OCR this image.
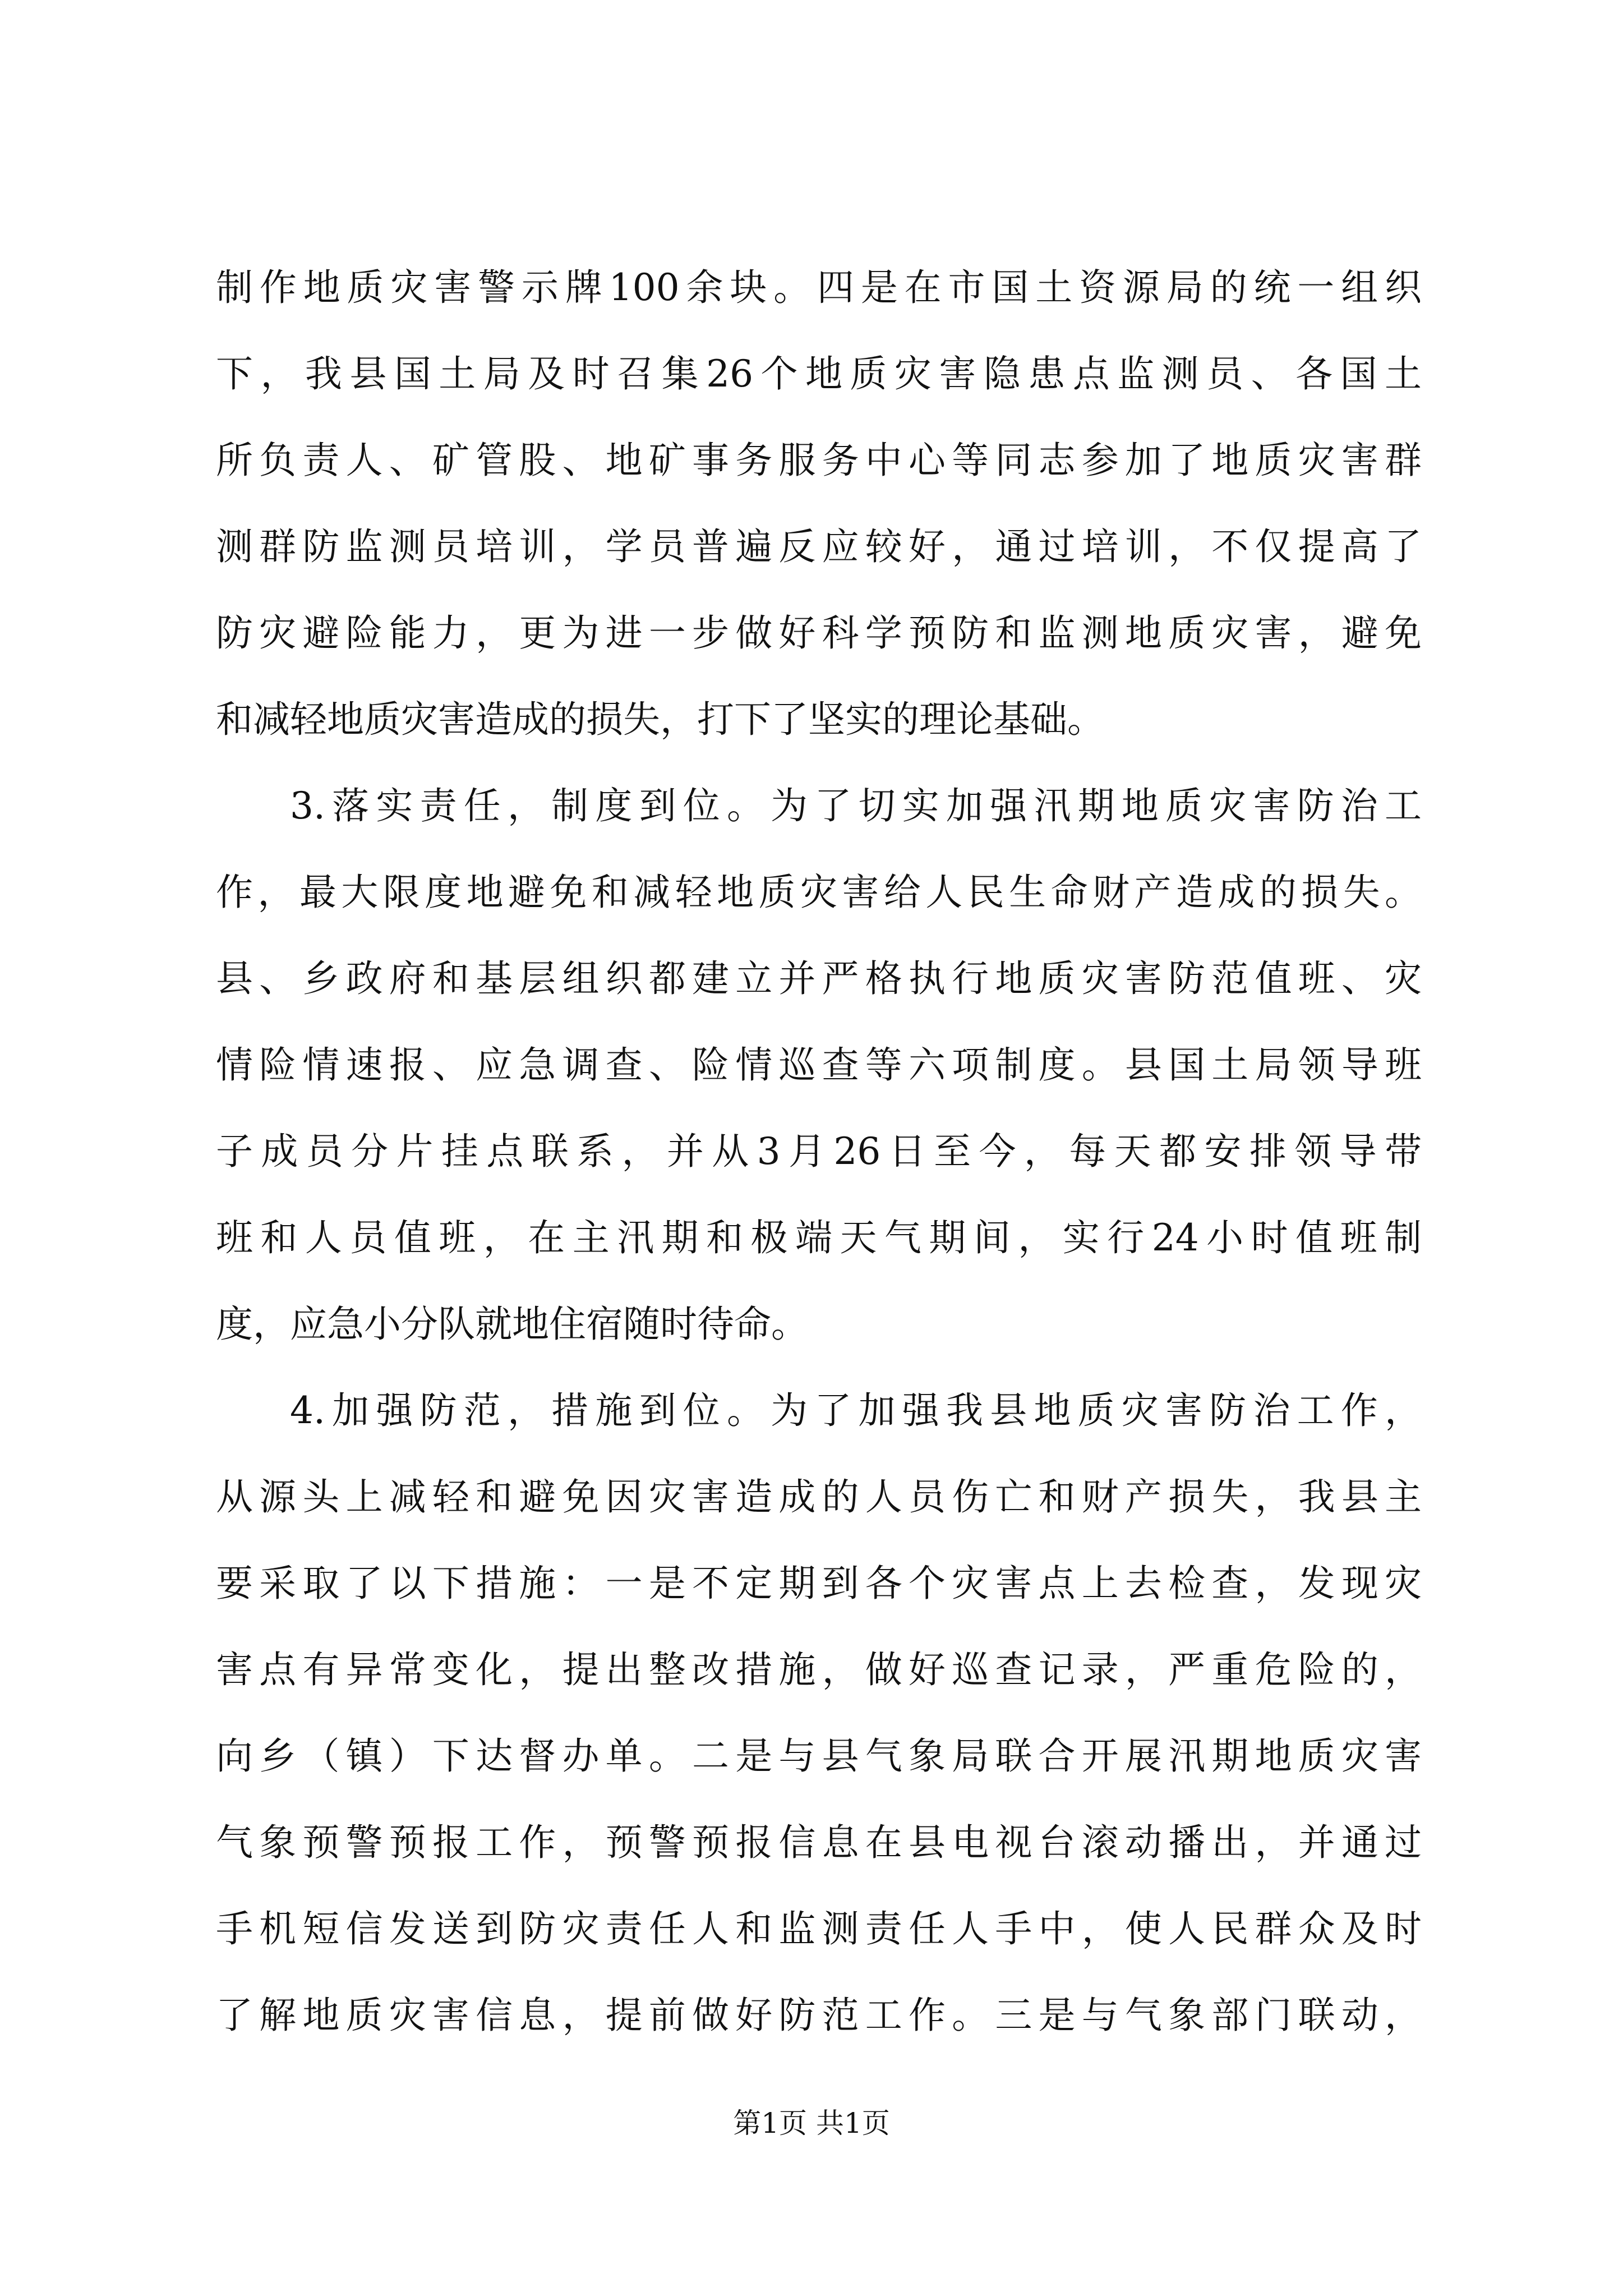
制作地质灾害警示牌100余块。四是在市国土资源局的统一组织
下，我县国土局及时召集26个地质灾害隐患点监测员、各国土
所负责人、矿管股、地矿事务服务中心等同志参加了地质灾害群
测群防监测员培训，学员普遍反应较好，通过培训，不仅提高了
防灾避险能力，更为进一步做好科学预防和监测地质灾害，避免
和减轻地质灾害造成的损失，打下了坚实的理论基础。
3.落实责任，制度到位。为了切实加强汛期地质灾害防治工
作，最大限度地避免和减轻地质灾害给人民生命财产造成的损失。
县、乡政府和基层组织都建立并严格执行地质灾害防范值班、灾
情险情速报、应急调查、险情巡查等六项制度。县国土局领导班
子成员分片挂点联系，并从3月26日至今，每天都安排领导带
班和人员值班，在主汛期和极端天气期间，实行24小时值班制
度，应急小分队就地住宿随时待命。
4.加强防范，措施到位。为了加强我县地质灾害防治工作，
从源头上减轻和避免因灾害造成的人员伤亡和财产损失，我县主
要采取了以下措施：一是不定期到各个灾害点上去检查，发现灾
害点有异常变化，提出整改措施，做好巡查记录，严重危险的，
向乡（镇）下达督办单。二是与县气象局联合开展汛期地质灾害
气象预警预报工作，预警预报信息在县电视台滚动播出，并通过
手机短信发送到防灾责任人和监测责任人手中，使人民群众及时
了解地质灾害信息，提前做好防范工作。三是与气象部门联动，
第1页 共1页
